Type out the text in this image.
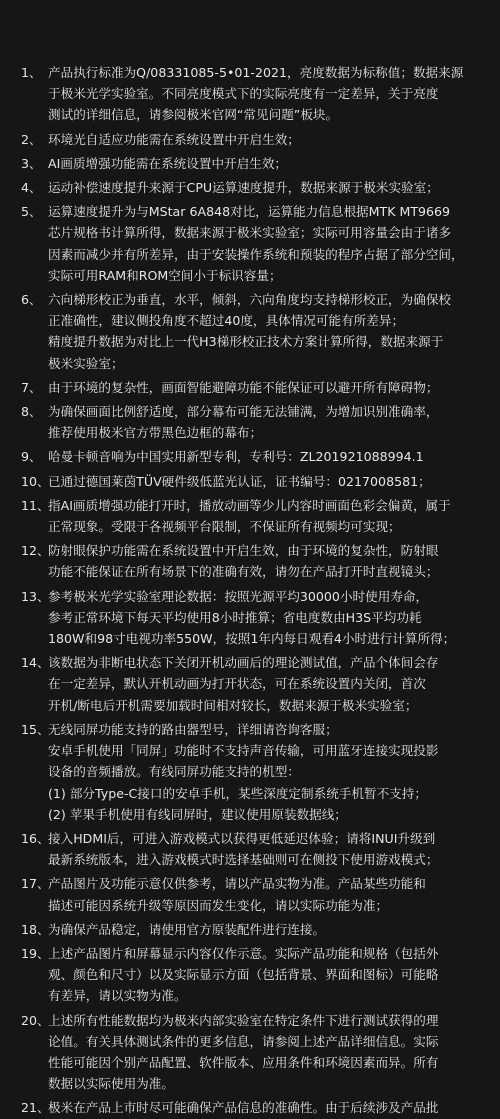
1、 产品执行标准为Q/08331085-5•01-2021，亮度数据为标称值；数据来源
于极米光学实验室。不同亮度模式下的实际亮度有一定差异，关于亮度
测试的详细信息，请参阅极米官网“常见问题”板块。
2、 环境光自适应功能需在系统设置中开启生效；
3、 AI画质增强功能需在系统设置中开启生效；
4、 运动补偿速度提升来源于CPU运算速度提升，数据来源于极米实验室；
5、 运算速度提升为与MStar 6A848对比，运算能力信息根据MTK MT9669
芯片规格书计算所得，数据来源于极米实验室；实际可用容量会由于诸多
因素而减少并有所差异，由于安装操作系统和预装的程序占据了部分空间，
实际可用RAM和ROM空间小于标识容量；
6、 六向梯形校正为垂直，水平，倾斜，六向角度均支持梯形校正，为确保校
正准确性，建议侧投角度不超过40度，具体情况可能有所差异；
精度提升数据为对比上一代H3梯形校正技术方案计算所得，数据来源于
极米实验室；
7、 由于环境的复杂性，画面智能避障功能不能保证可以避开所有障碍物；
8、 为确保画面比例舒适度，部分幕布可能无法铺满，为增加识别准确率，
推荐使用极米官方带黑色边框的幕布；
9、 哈曼卡顿音响为中国实用新型专利，专利号：ZL201921088994.1
10、
已通过德国莱茵TÜV硬件级低蓝光认证，证书编号：0217008581；
11、
指AI画质增强功能打开时，播放动画等少儿内容时画面色彩会偏黄，属于
正常现象。受限于各视频平台限制，不保证所有视频均可实现；
12、
防射眼保护功能需在系统设置中开启生效，由于环境的复杂性，防射眼
功能不能保证在所有场景下的准确有效，请勿在产品打开时直视镜头；
13、
参考极米光学实验室理论数据：按照光源平均30000小时使用寿命，
参考正常环境下每天平均使用8小时推算；省电度数由H3S平均功耗
180W和98寸电视功率550W，按照1年内每日观看4小时进行计算所得；
14、
该数据为非断电状态下关闭开机动画后的理论测试值，产品个体间会存
在一定差异，默认开机动画为打开状态，可在系统设置内关闭，首次
开机/断电后开机需要加载时间相对较长，数据来源于极米实验室；
15、
无线同屏功能支持的路由器型号，详细请咨询客服；
安卓手机使用「同屏」功能时不支持声音传输，可用蓝牙连接实现投影
设备的音频播放。有线同屏功能支持的机型：
(1) 部分Type-C接口的安卓手机，某些深度定制系统手机暂不支持；
(2) 苹果手机使用有线同屏时，建议使用原装数据线；
16、
接入HDMI后，可进入游戏模式以获得更低延迟体验；请将INUI升级到
最新系统版本，进入游戏模式时选择基础则可在侧投下使用游戏模式；
17、
产品图片及功能示意仅供参考，请以产品实物为准。产品某些功能和
描述可能因系统升级等原因而发生变化，请以实际功能为准；
18、
为确保产品稳定，请使用官方原装配件进行连接。
19、
上述产品图片和屏幕显示内容仅作示意。实际产品功能和规格（包括外
观、颜色和尺寸）以及实际显示方面（包括背景、界面和图标）可能略
有差异，请以实物为准。
20、
上述所有性能数据均为极米内部实验室在特定条件下进行测试获得的理
论值。有关具体测试条件的更多信息，请参阅上述产品详细信息。实际
性能可能因个别产品配置、软件版本、应用条件和环境因素而异。所有
数据以实际使用为准。
21、
极米在产品上市时尽可能确保产品信息的准确性。由于后续涉及产品批
